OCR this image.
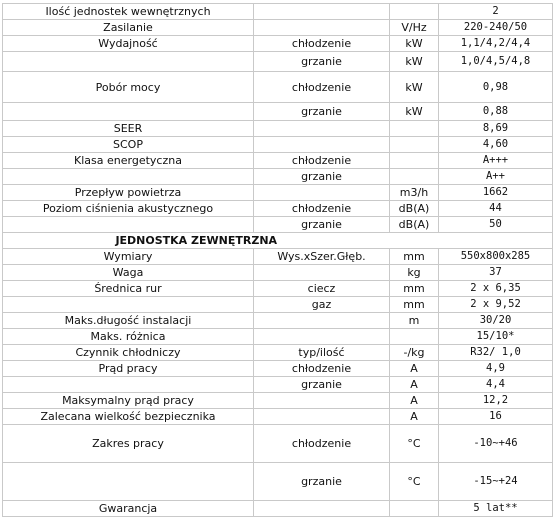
Ilość jednostek wewnętrznych			2
Zasilanie		V/Hz	220-240/50
Wydajność	chłodzenie	kW	1,1/4,2/4,4
	grzanie	kW	1,0/4,5/4,8
Pobór mocy	chłodzenie	kW	0,98
	grzanie	kW	0,88
SEER			8,69
SCOP			4,60
Klasa energetyczna	chłodzenie		A+++
	grzanie		A++
Przepływ powietrza		m3/h	1662
Poziom ciśnienia akustycznego	chłodzenie	dB(A)	44
	grzanie	dB(A)	50
JEDNOSTKA ZEWNĘTRZNA			
Wymiary	Wys.xSzer.Głęb.	mm	550x800x285
Waga		kg	37
Średnica rur	ciecz	mm	2 x 6,35
	gaz	mm	2 x 9,52
Maks.długość instalacji		m	30/20
Maks. różnica			15/10*
Czynnik chłodniczy	typ/ilość	-/kg	R32/ 1,0
Prąd pracy	chłodzenie	A	4,9
	grzanie	A	4,4
Maksymalny prąd pracy		A	12,2
Zalecana wielkość bezpiecznika		A	16
Zakres pracy	chłodzenie	°C	-10~+46
	grzanie	°C	-15~+24
Gwarancja			5 lat**
